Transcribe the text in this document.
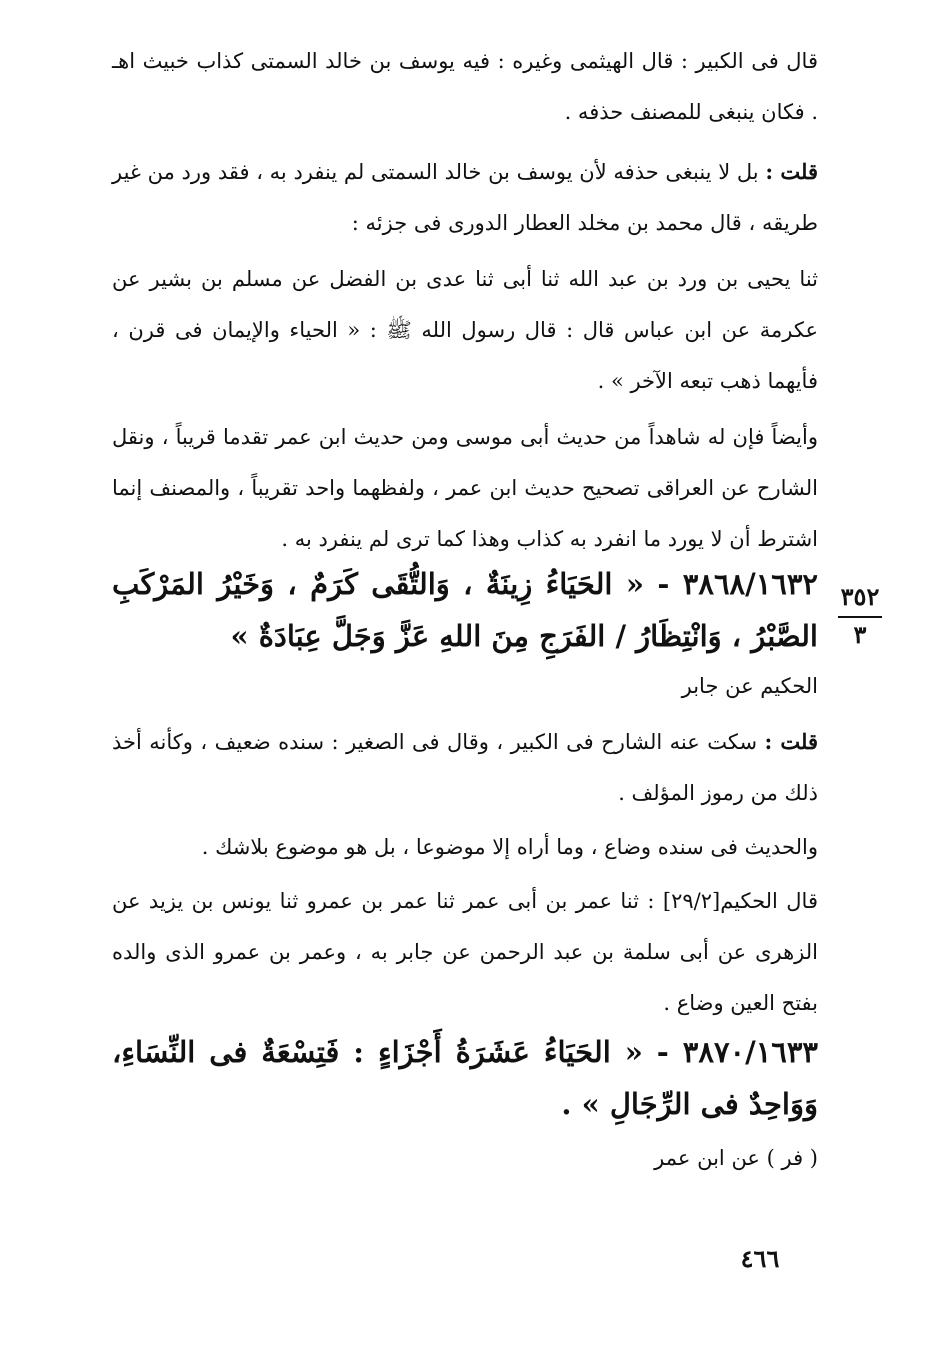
قال فى الكبير : قال الهيثمى وغيره : فيه يوسف بن خالد السمتى كذاب خبيث اهـ . فكان ينبغى للمصنف حذفه .

قلت : بل لا ينبغى حذفه لأن يوسف بن خالد السمتى لم ينفرد به ، فقد ورد من غير طريقه ، قال محمد بن مخلد العطار الدورى فى جزئه :

ثنا يحيى بن ورد بن عبد الله ثنا أبى ثنا عدى بن الفضل عن مسلم بن بشير عن عكرمة عن ابن عباس قال : قال رسول الله ﷺ : « الحياء والإيمان فى قرن ، فأيهما ذهب تبعه الآخر » .

وأيضاً فإن له شاهداً من حديث أبى موسى ومن حديث ابن عمر تقدما قريباً ، ونقل الشارح عن العراقى تصحيح حديث ابن عمر ، ولفظهما واحد تقريباً ، والمصنف إنما اشترط أن لا يورد ما انفرد به كذاب وهذا كما ترى لم ينفرد به .

٣٨٦٨/١٦٣٢ - « الحَيَاءُ زِينَةٌ ، وَالتُّقَى كَرَمٌ ، وَخَيْرُ المَرْكَبِ الصَّبْرُ ، وَانْتِظَارُ / الفَرَجِ مِنَ اللهِ عَزَّ وَجَلَّ عِبَادَةٌ »

الحكيم عن جابر

قلت : سكت عنه الشارح فى الكبير ، وقال فى الصغير : سنده ضعيف ، وكأنه أخذ ذلك من رموز المؤلف .

والحديث فى سنده وضاع ، وما أراه إلا موضوعا ، بل هو موضوع بلاشك .

قال الحكيم[٢٩/٢] : ثنا عمر بن أبى عمر ثنا عمر بن عمرو ثنا يونس بن يزيد عن الزهرى عن أبى سلمة بن عبد الرحمن عن جابر به ، وعمر بن عمرو الذى والده بفتح العين وضاع .

٣٨٧٠/١٦٣٣ - « الحَيَاءُ عَشَرَةُ أَجْزَاءٍ : فَتِسْعَةٌ فى النِّسَاءِ، وَوَاحِدٌ فى الرِّجَالِ » .

( فر ) عن ابن عمر

٣٥٢
٣
٤٦٦
